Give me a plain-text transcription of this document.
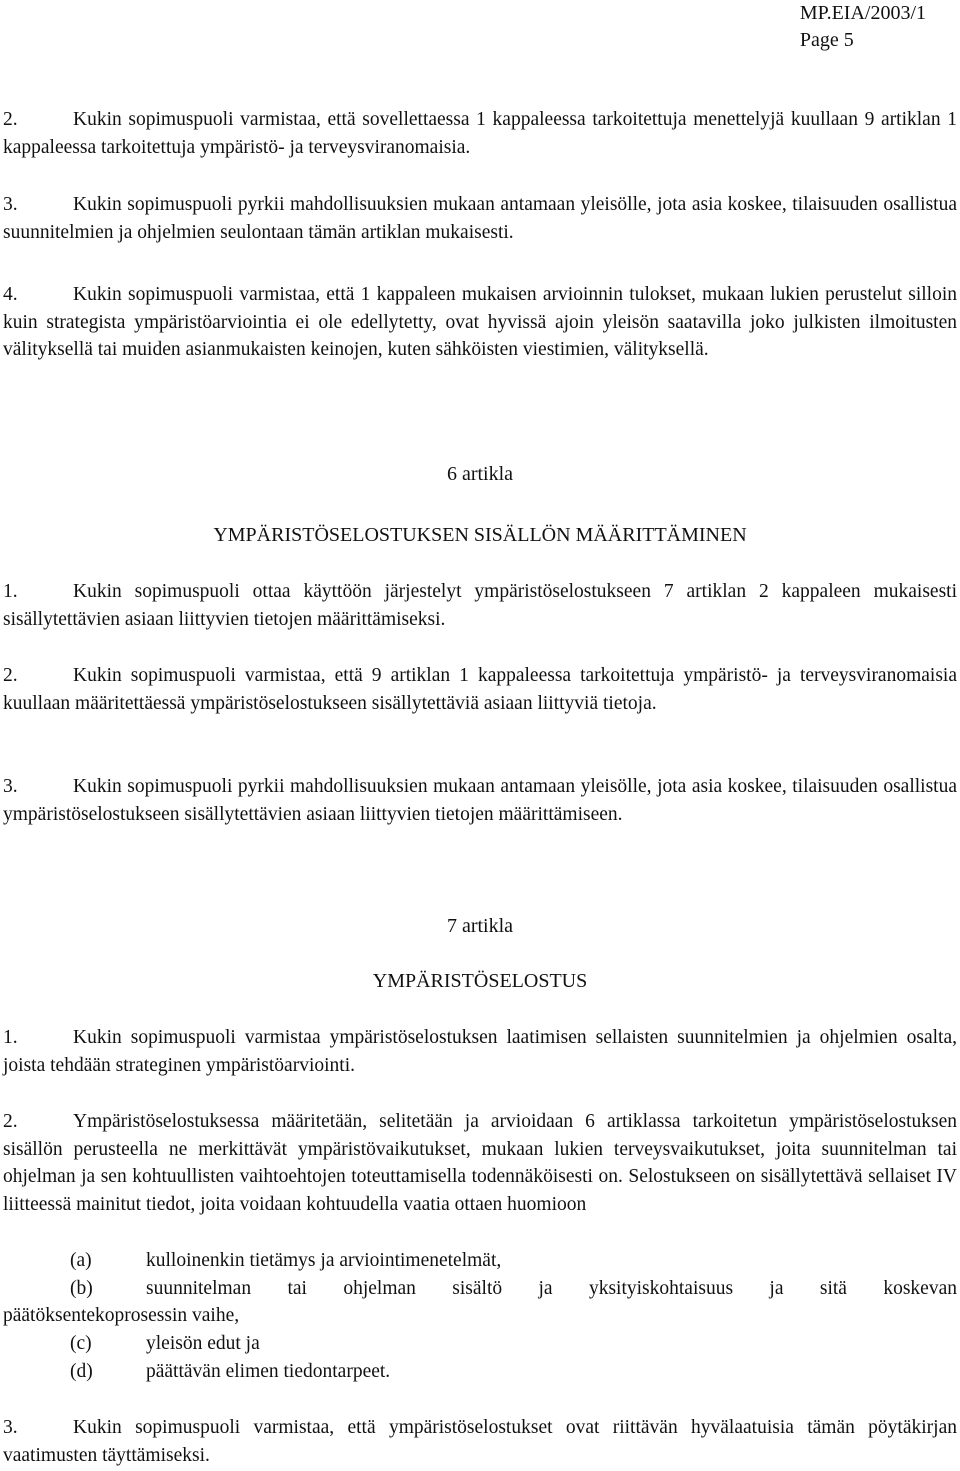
MP.EIA/2003/1
Page 5
2.	Kukin sopimuspuoli varmistaa, että sovellettaessa 1 kappaleessa tarkoitettuja menettelyjä kuullaan 9 artiklan 1 kappaleessa tarkoitettuja ympäristö- ja terveysviranomaisia.
3.	Kukin sopimuspuoli pyrkii mahdollisuuksien mukaan antamaan yleisölle, jota asia koskee, tilaisuuden osallistua suunnitelmien ja ohjelmien seulontaan tämän artiklan mukaisesti.
4.	Kukin sopimuspuoli varmistaa, että 1 kappaleen mukaisen arvioinnin tulokset, mukaan lukien perustelut silloin kuin strategista ympäristöarviointia ei ole edellytetty, ovat hyvissä ajoin yleisön saatavilla joko julkisten ilmoitusten välityksellä tai muiden asianmukaisten keinojen, kuten sähköisten viestimien, välityksellä.
6 artikla
YMPÄRISTÖSELOSTUKSEN SISÄLLÖN MÄÄRITTÄMINEN
1.	Kukin sopimuspuoli ottaa käyttöön järjestelyt ympäristöselostukseen 7 artiklan 2 kappaleen mukaisesti sisällytettävien asiaan liittyvien tietojen määrittämiseksi.
2.	Kukin sopimuspuoli varmistaa, että 9 artiklan 1 kappaleessa tarkoitettuja ympäristö- ja terveysviranomaisia kuullaan määritettäessä ympäristöselostukseen sisällytettäviä asiaan liittyviä tietoja.
3.	Kukin sopimuspuoli pyrkii mahdollisuuksien mukaan antamaan yleisölle, jota asia koskee, tilaisuuden osallistua ympäristöselostukseen sisällytettävien asiaan liittyvien tietojen määrittämiseen.
7 artikla
YMPÄRISTÖSELOSTUS
1.	Kukin sopimuspuoli varmistaa ympäristöselostuksen laatimisen sellaisten suunnitelmien ja ohjelmien osalta, joista tehdään strateginen ympäristöarviointi.
2.	Ympäristöselostuksessa määritetään, selitetään ja arvioidaan 6 artiklassa tarkoitetun ympäristöselostuksen sisällön perusteella ne merkittävät ympäristövaikutukset, mukaan lukien terveysvaikutukset, joita suunnitelman tai ohjelman ja sen kohtuullisten vaihtoehtojen toteuttamisella todennäköisesti on. Selostukseen on sisällytettävä sellaiset IV liitteessä mainitut tiedot, joita voidaan kohtuudella vaatia ottaen huomioon
(a)	kulloinenkin tietämys ja arviointimenetelmät,
(b)	suunnitelman tai ohjelman sisältö ja yksityiskohtaisuus ja sitä koskevan
päätöksentekoprosessin vaihe,
(c)	yleisön edut ja
(d)	päättävän elimen tiedontarpeet.
3.	Kukin sopimuspuoli varmistaa, että ympäristöselostukset ovat riittävän hyvälaatuisia tämän pöytäkirjan vaatimusten täyttämiseksi.
